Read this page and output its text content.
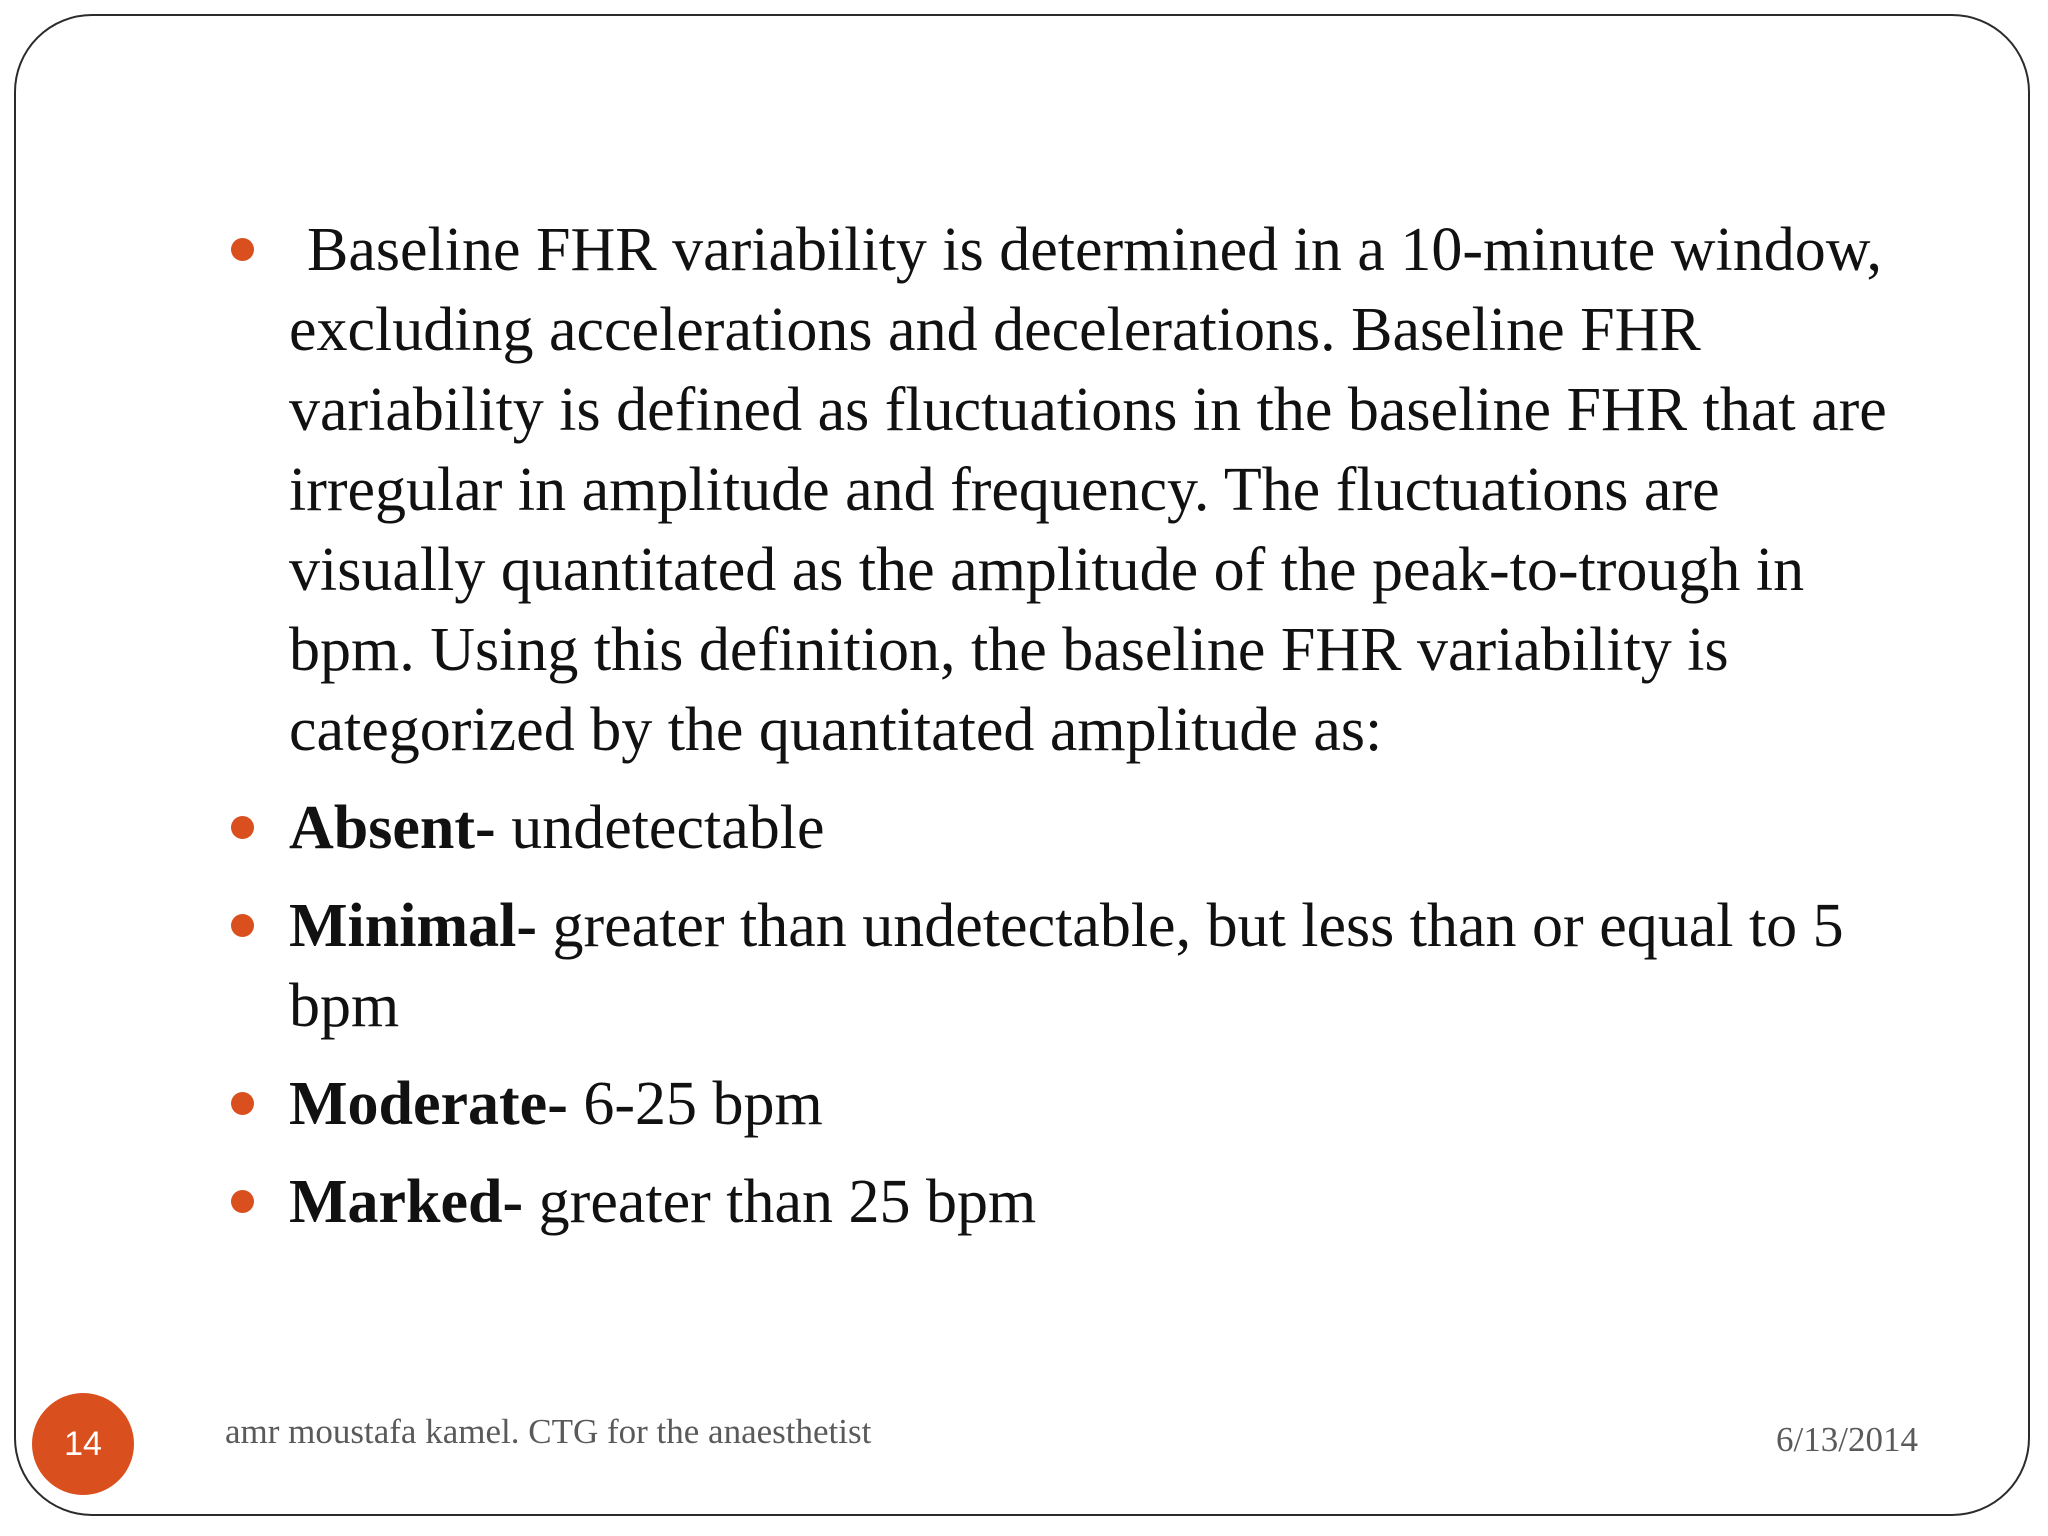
Baseline FHR variability is determined in a 10-minute window, excluding accelerations and decelerations. Baseline FHR variability is defined as fluctuations in the baseline FHR that are irregular in amplitude and frequency. The fluctuations are visually quantitated as the amplitude of the peak-to-trough in bpm. Using this definition, the baseline FHR variability is categorized by the quantitated amplitude as:
Absent- undetectable
Minimal- greater than undetectable, but less than or equal to 5 bpm
Moderate- 6-25 bpm
Marked- greater than 25 bpm
14	amr moustafa kamel. CTG for the anaesthetist	6/13/2014
